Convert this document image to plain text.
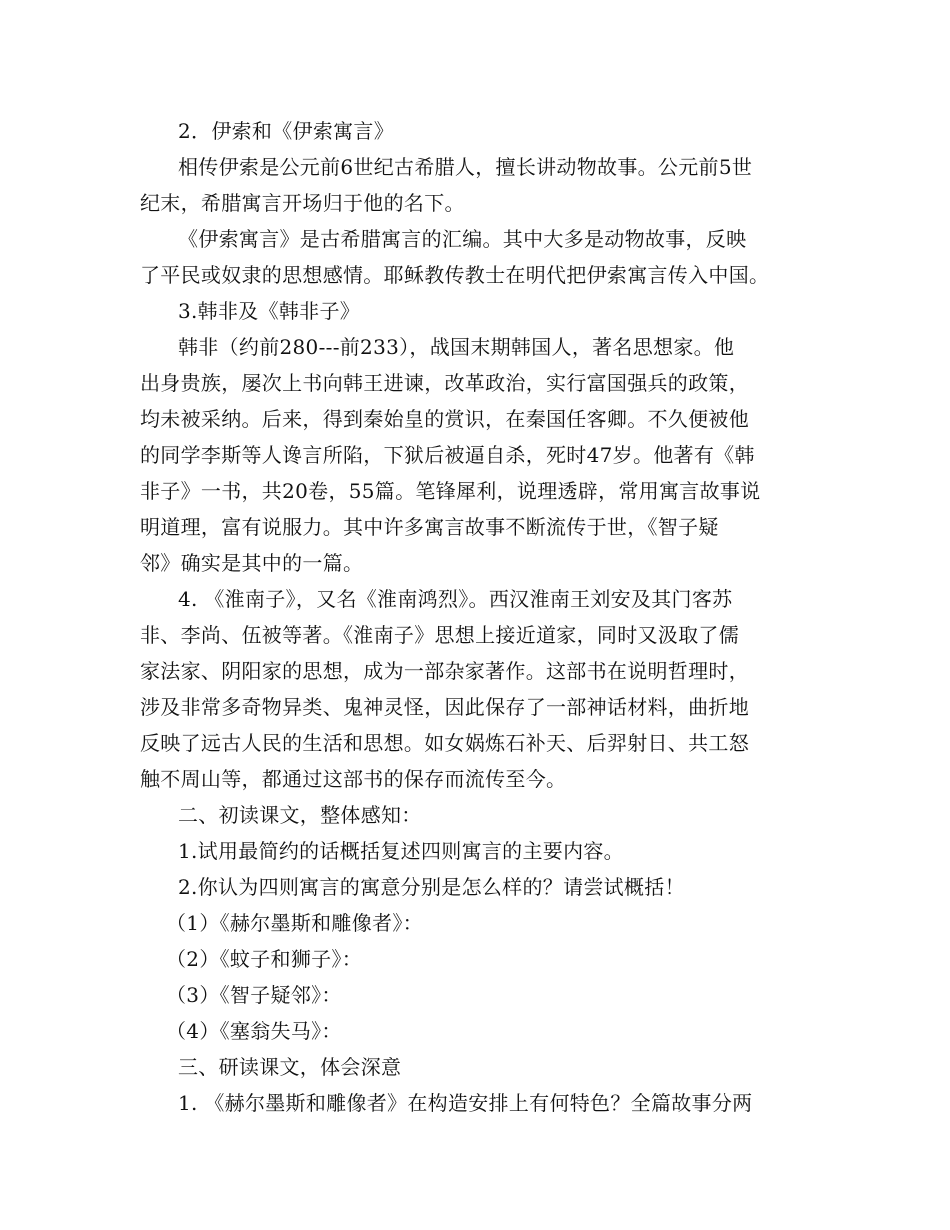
2．伊索和《伊索寓言》
相传伊索是公元前6世纪古希腊人，擅长讲动物故事。公元前5世
纪末，希腊寓言开场归于他的名下。
《伊索寓言》是古希腊寓言的汇编。其中大多是动物故事，反映
了平民或奴隶的思想感情。耶稣教传教士在明代把伊索寓言传入中国。
3.韩非及《韩非子》
韩非（约前280---前233），战国末期韩国人，著名思想家。他
出身贵族，屡次上书向韩王进谏，改革政治，实行富国强兵的政策，
均未被采纳。后来，得到秦始皇的赏识，在秦国任客卿。不久便被他
的同学李斯等人谗言所陷，下狱后被逼自杀，死时47岁。他著有《韩
非子》一书，共20卷，55篇。笔锋犀利，说理透辟，常用寓言故事说
明道理，富有说服力。其中许多寓言故事不断流传于世，《智子疑
邻》确实是其中的一篇。
4. 《淮南子》，又名《淮南鸿烈》。西汉淮南王刘安及其门客苏
非、李尚、伍被等著。《淮南子》思想上接近道家，同时又汲取了儒
家法家、阴阳家的思想，成为一部杂家著作。这部书在说明哲理时，
涉及非常多奇物异类、鬼神灵怪，因此保存了一部神话材料，曲折地
反映了远古人民的生活和思想。如女娲炼石补天、后羿射日、共工怒
触不周山等，都通过这部书的保存而流传至今。
二、初读课文，整体感知：
1.试用最简约的话概括复述四则寓言的主要内容。
2.你认为四则寓言的寓意分别是怎么样的？请尝试概括！
（1）《赫尔墨斯和雕像者》：
（2）《蚊子和狮子》：
（3）《智子疑邻》：
（4）《塞翁失马》：
三、研读课文，体会深意
1. 《赫尔墨斯和雕像者》在构造安排上有何特色？全篇故事分两
